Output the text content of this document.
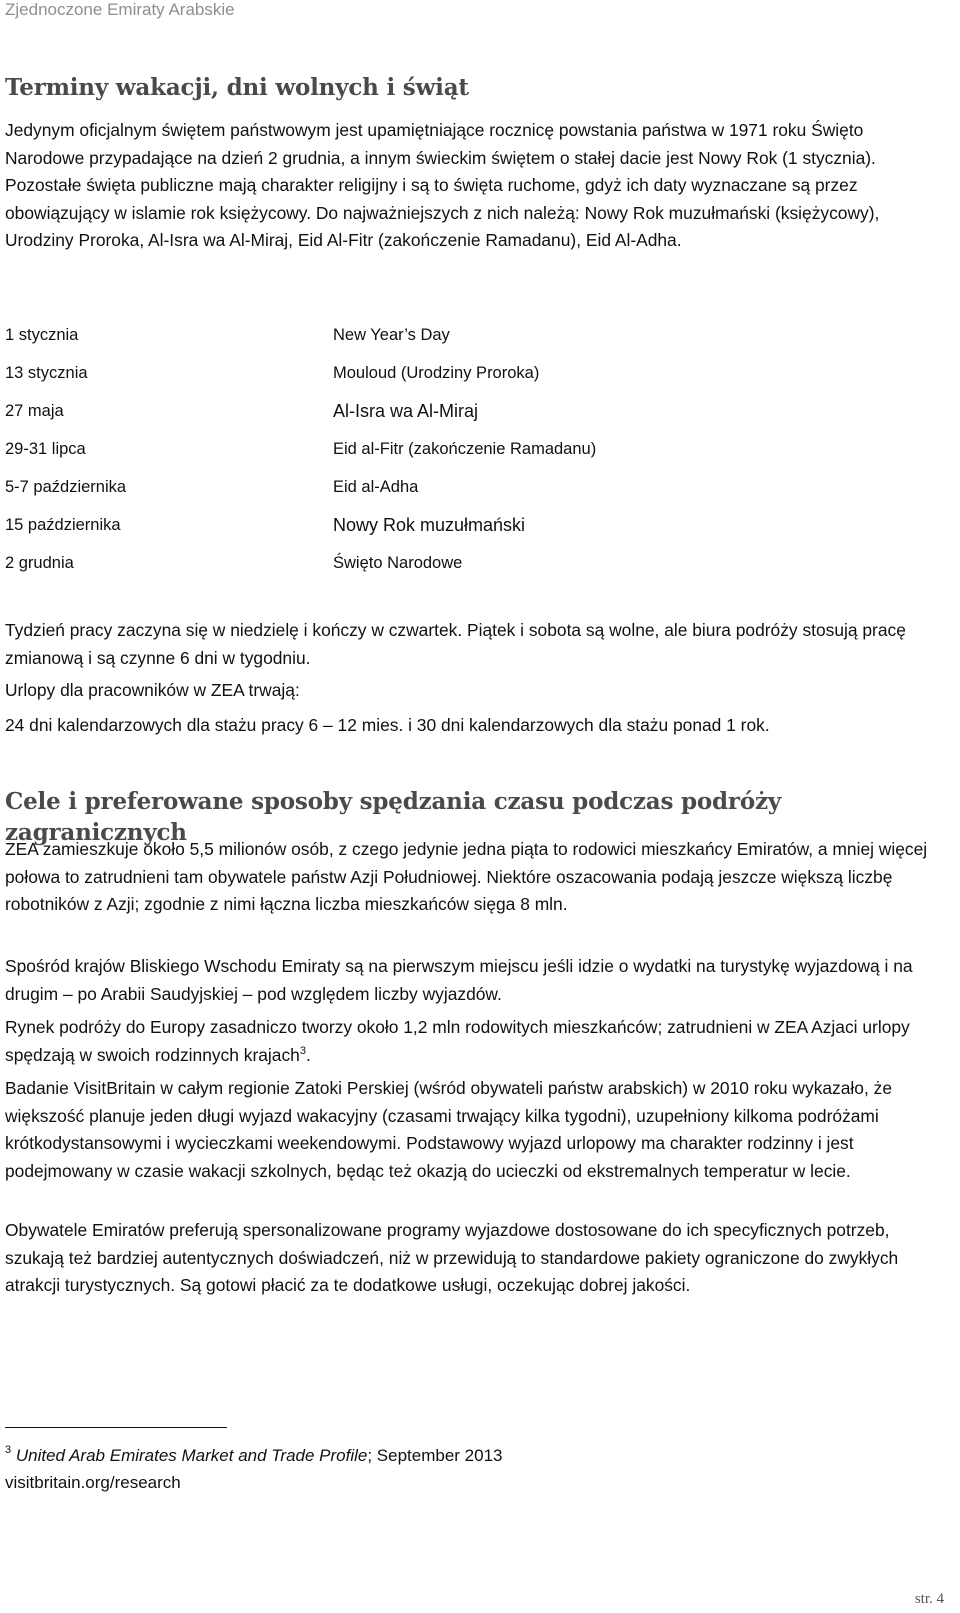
Zjednoczone Emiraty Arabskie
Terminy wakacji, dni wolnych i świąt

Jedynym oficjalnym świętem państwowym jest upamiętniające rocznicę powstania państwa w 1971 roku Święto Narodowe przypadające na dzień 2 grudnia, a innym świeckim świętem o stałej dacie jest Nowy Rok (1 stycznia). Pozostałe święta publiczne mają charakter religijny i są to święta ruchome, gdyż ich daty wyznaczane są przez obowiązujący w islamie rok księżycowy. Do najważniejszych z nich należą: Nowy Rok muzułmański (księżycowy), Urodziny Proroka, Al-Isra wa Al-Miraj, Eid Al-Fitr (zakończenie Ramadanu), Eid Al-Adha.

1 stycznia	New Year’s Day
13 stycznia	Mouloud (Urodziny Proroka)
27 maja	Al-Isra wa Al-Miraj
29-31 lipca	Eid al-Fitr (zakończenie Ramadanu)
5-7 października	Eid al-Adha
15 października	Nowy Rok muzułmański
2 grudnia	Święto Narodowe

Tydzień pracy zaczyna się w niedzielę i kończy w czwartek. Piątek i sobota są wolne, ale biura podróży stosują pracę zmianową i są czynne 6 dni w tygodniu.

Urlopy dla pracowników w ZEA trwają:

24 dni kalendarzowych dla stażu pracy 6 – 12 mies. i 30 dni kalendarzowych dla stażu ponad 1 rok.

Cele i preferowane sposoby spędzania czasu podczas podróży zagranicznych

ZEA zamieszkuje około 5,5 milionów osób, z czego jedynie jedna piąta to rodowici mieszkańcy Emiratów, a mniej więcej połowa to zatrudnieni tam obywatele państw Azji Południowej. Niektóre oszacowania podają jeszcze większą liczbę robotników z Azji; zgodnie z nimi łączna liczba mieszkańców sięga 8 mln.

Spośród krajów Bliskiego Wschodu Emiraty są na pierwszym miejscu jeśli idzie o wydatki na turystykę wyjazdową i na drugim – po Arabii Saudyjskiej – pod względem liczby wyjazdów.

Rynek podróży do Europy zasadniczo tworzy około 1,2 mln rodowitych mieszkańców; zatrudnieni w ZEA Azjaci urlopy spędzają w swoich rodzinnych krajach$^3$.

Badanie VisitBritain w całym regionie Zatoki Perskiej (wśród obywateli państw arabskich) w 2010 roku wykazało, że większość planuje jeden długi wyjazd wakacyjny (czasami trwający kilka tygodni), uzupełniony kilkoma podróżami krótkodystansowymi i wycieczkami weekendowymi. Podstawowy wyjazd urlopowy ma charakter rodzinny i jest podejmowany w czasie wakacji szkolnych, będąc też okazją do ucieczki od ekstremalnych temperatur w lecie.

Obywatele Emiratów preferują spersonalizowane programy wyjazdowe dostosowane do ich specyficznych potrzeb, szukają też bardziej autentycznych doświadczeń, niż w przewidują to standardowe pakiety ograniczone do zwykłych atrakcji turystycznych. Są gotowi płacić za te dodatkowe usługi, oczekując dobrej jakości.

$^3$ United Arab Emirates Market and Trade Profile; September 2013
visitbritain.org/research
str. 4
